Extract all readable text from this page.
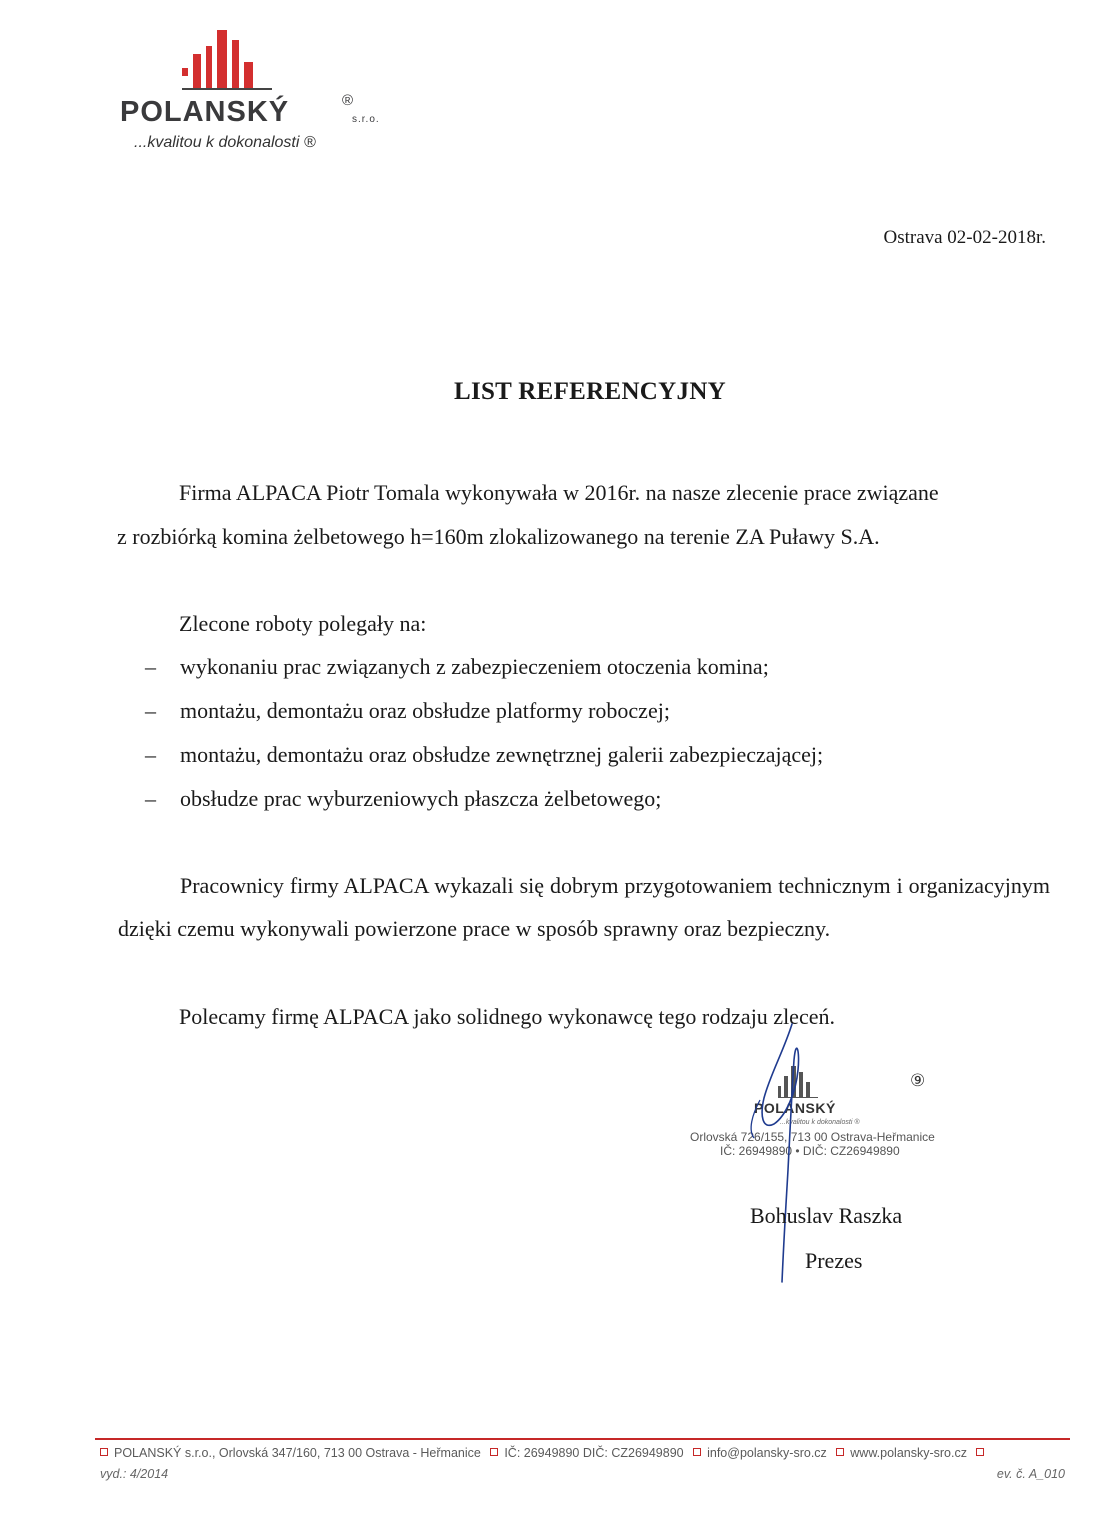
POLANSKÝ	®
s.r.o.
...kvalitou k dokonalosti ®
Ostrava 02-02-2018r.
LIST REFERENCYJNY
Firma ALPACA Piotr Tomala wykonywała w 2016r. na nasze zlecenie prace związane
z rozbiórką komina żelbetowego h=160m zlokalizowanego na terenie ZA Puławy S.A.
Zlecone roboty polegały na:
– wykonaniu prac związanych z zabezpieczeniem otoczenia komina;
– montażu, demontażu oraz obsłudze platformy roboczej;
– montażu, demontażu oraz obsłudze zewnętrznej galerii zabezpieczającej;
– obsłudze prac wyburzeniowych płaszcza żelbetowego;
Pracownicy firmy ALPACA wykazali się dobrym przygotowaniem technicznym i organizacyjnym dzięki czemu wykonywali powierzone prace w sposób sprawny oraz bezpieczny.
Polecamy firmę ALPACA jako solidnego wykonawcę tego rodzaju zleceń.
POLANSKÝ
...kvalitou k dokonalosti ®
Orlovská 726/155, 713 00 Ostrava-Heřmanice
IČ: 26949890 • DIČ: CZ26949890
⑨
Bohuslav Raszka
Prezes
POLANSKÝ s.r.o., Orlovská 347/160, 713 00 Ostrava - Heřmanice IČ: 26949890 DIČ: CZ26949890 info@polansky-sro.cz www.polansky-sro.cz
vyd.: 4/2014	ev. č. A_010
